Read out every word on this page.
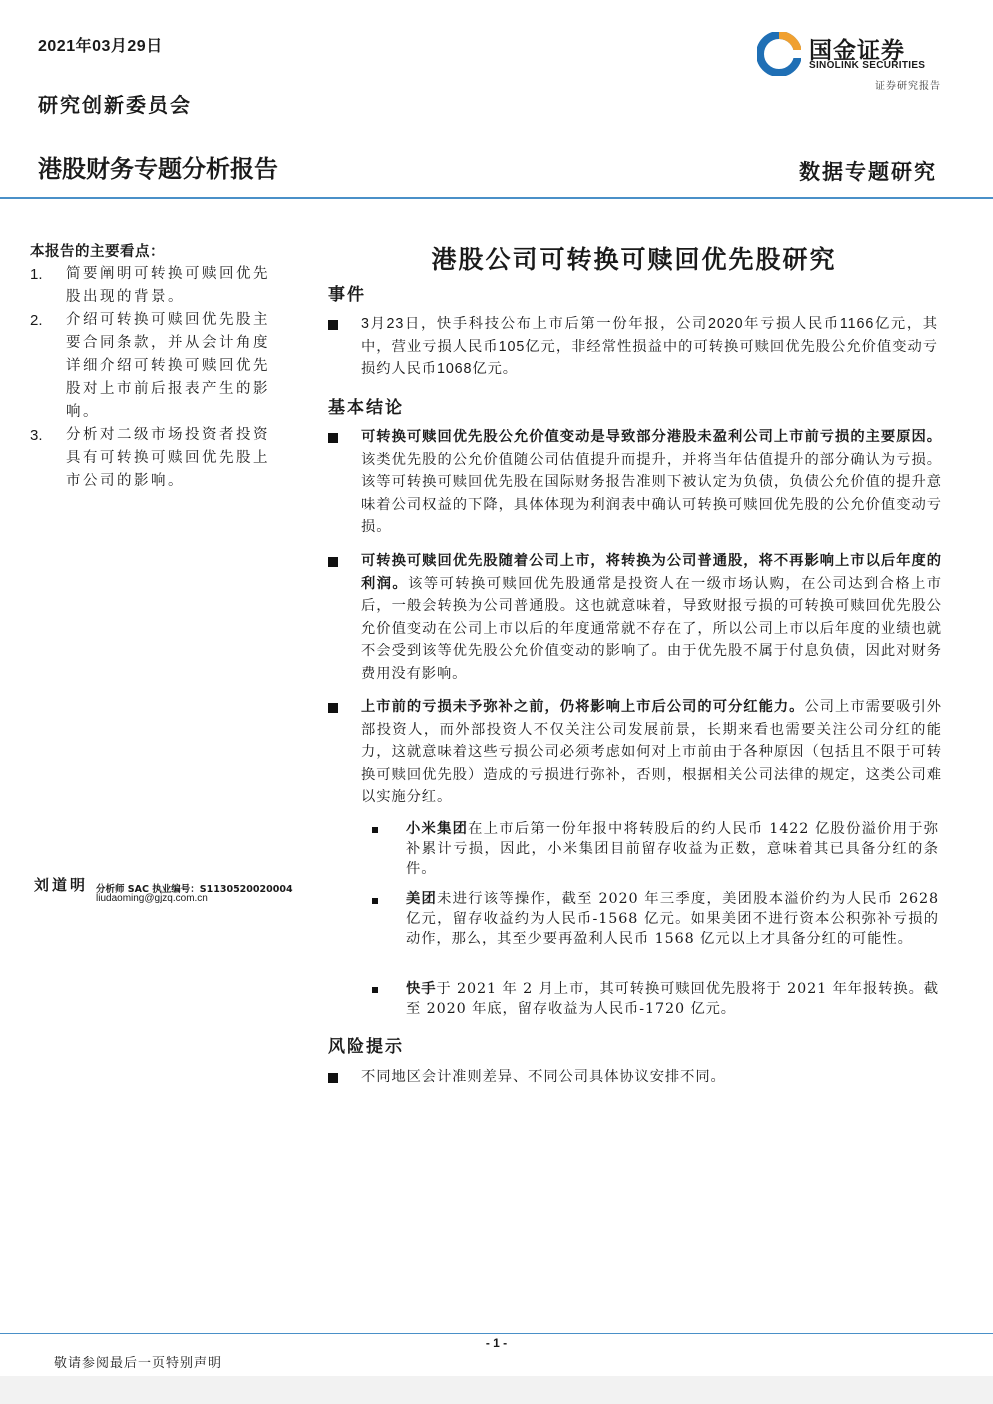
2021年03月29日
研究创新委员会
港股财务专题分析报告	数据专题研究
国金证券
SINOLINK SECURITIES
证券研究报告
本报告的主要看点：
1. 简要阐明可转换可赎回优先股出现的背景。
2. 介绍可转换可赎回优先股主要合同条款，并从会计角度详细介绍可转换可赎回优先股对上市前后报表产生的影响。
3. 分析对二级市场投资者投资具有可转换可赎回优先股上市公司的影响。
刘道明 分析师 SAC 执业编号：S1130520020004
liudaoming@gjzq.com.cn
港股公司可转换可赎回优先股研究
事件
3月23日，快手科技公布上市后第一份年报，公司2020年亏损人民币1166亿元，其中，营业亏损人民币105亿元，非经常性损益中的可转换可赎回优先股公允价值变动亏损约人民币1068亿元。
基本结论
可转换可赎回优先股公允价值变动是导致部分港股未盈利公司上市前亏损的主要原因。该类优先股的公允价值随公司估值提升而提升，并将当年估值提升的部分确认为亏损。该等可转换可赎回优先股在国际财务报告准则下被认定为负债，负债公允价值的提升意味着公司权益的下降，具体体现为利润表中确认可转换可赎回优先股的公允价值变动亏损。
可转换可赎回优先股随着公司上市，将转换为公司普通股，将不再影响上市以后年度的利润。该等可转换可赎回优先股通常是投资人在一级市场认购，在公司达到合格上市后，一般会转换为公司普通股。这也就意味着，导致财报亏损的可转换可赎回优先股公允价值变动在公司上市以后的年度通常就不存在了，所以公司上市以后年度的业绩也就不会受到该等优先股公允价值变动的影响了。由于优先股不属于付息负债，因此对财务费用没有影响。
上市前的亏损未予弥补之前，仍将影响上市后公司的可分红能力。公司上市需要吸引外部投资人，而外部投资人不仅关注公司发展前景，长期来看也需要关注公司分红的能力，这就意味着这些亏损公司必须考虑如何对上市前由于各种原因（包括且不限于可转换可赎回优先股）造成的亏损进行弥补，否则，根据相关公司法律的规定，这类公司难以实施分红。
小米集团在上市后第一份年报中将转股后的约人民币 1422 亿股份溢价用于弥补累计亏损，因此，小米集团目前留存收益为正数，意味着其已具备分红的条件。
美团未进行该等操作，截至 2020 年三季度，美团股本溢价约为人民币 2628 亿元，留存收益约为人民币-1568 亿元。如果美团不进行资本公积弥补亏损的动作，那么，其至少要再盈利人民币 1568 亿元以上才具备分红的可能性。
快手于 2021 年 2 月上市，其可转换可赎回优先股将于 2021 年年报转换。截至 2020 年底，留存收益为人民币-1720 亿元。
风险提示
不同地区会计准则差异、不同公司具体协议安排不同。
- 1 -
敬请参阅最后一页特别声明
